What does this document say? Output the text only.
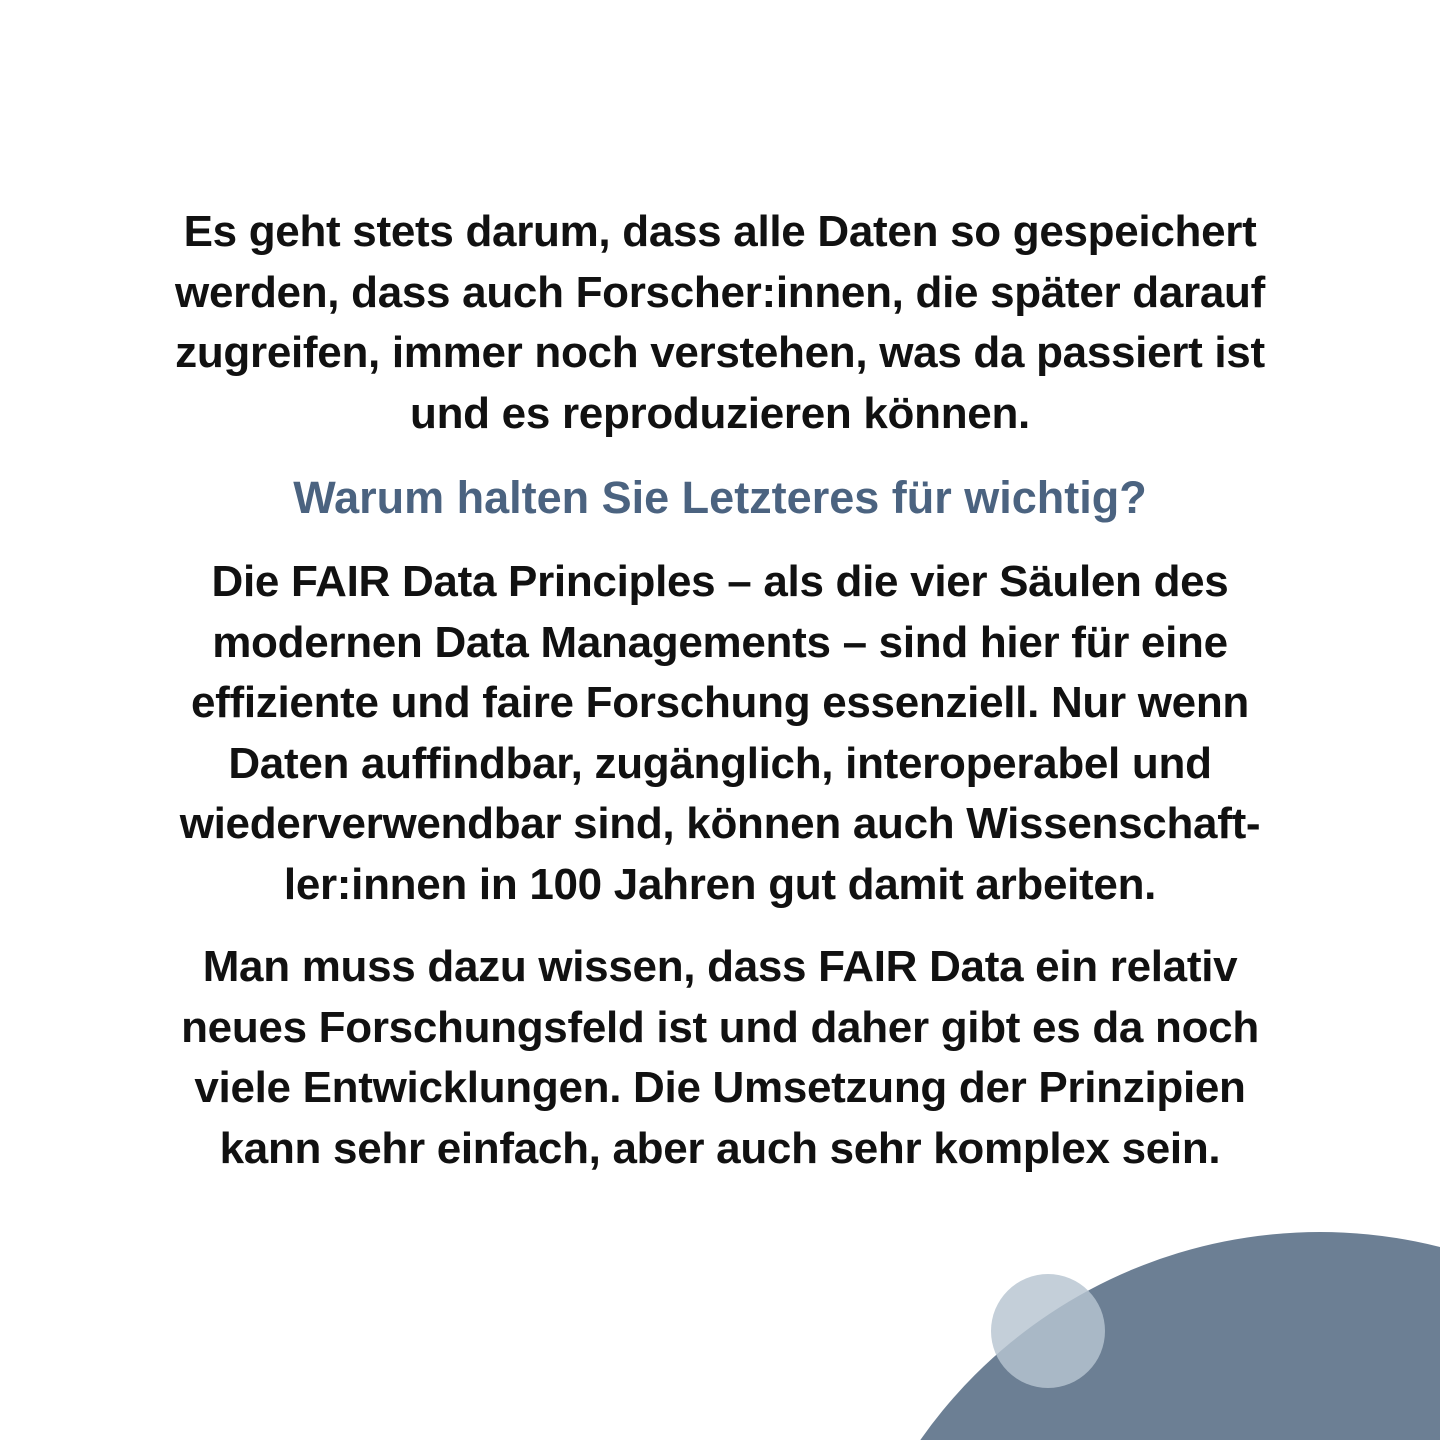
Es geht stets darum, dass alle Daten so gespeichert
werden, dass auch Forscher:innen, die später darauf
zugreifen, immer noch verstehen, was da passiert ist
und es reproduzieren können.
Warum halten Sie Letzteres für wichtig?
Die FAIR Data Principles – als die vier Säulen des
modernen Data Managements – sind hier für eine
effiziente und faire Forschung essenziell. Nur wenn
Daten auffindbar, zugänglich, interoperabel und
wiederverwendbar sind, können auch Wissenschaft-
ler:innen in 100 Jahren gut damit arbeiten.
Man muss dazu wissen, dass FAIR Data ein relativ
neues Forschungsfeld ist und daher gibt es da noch
viele Entwicklungen. Die Umsetzung der Prinzipien
kann sehr einfach, aber auch sehr komplex sein.
